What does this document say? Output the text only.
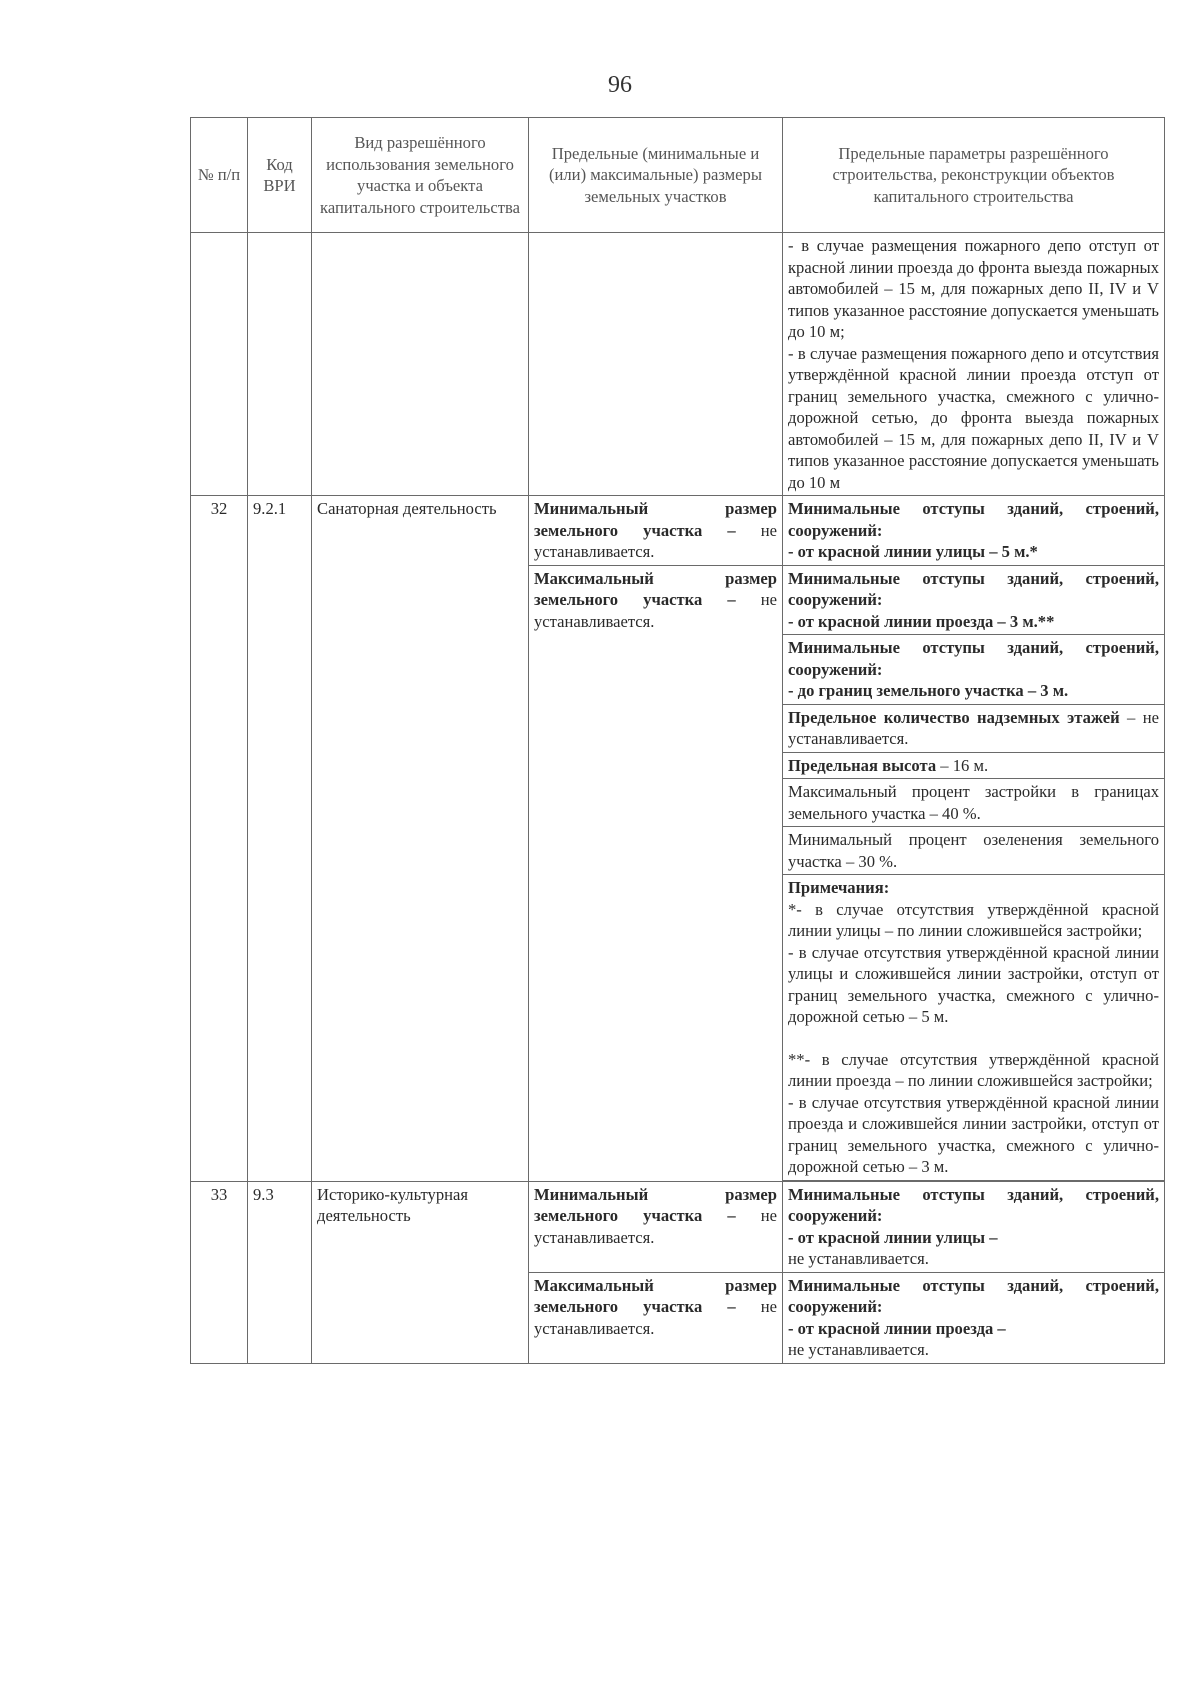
96
№ п/п	Код ВРИ	Вид разрешённого использования земельного участка и объекта капитального строительства	Предельные (минимальные и (или) максимальные) размеры земельных участков	Предельные параметры разрешённого строительства, реконструкции объектов капитального строительства
				- в случае размещения пожарного депо отступ от красной линии проезда до фронта выезда пожарных автомобилей – 15 м, для пожарных депо II, IV и V типов указанное расстояние допускается уменьшать до 10 м;
- в случае размещения пожарного депо и отсутствия утверждённой красной линии проезда отступ от границ земельного участка, смежного с улично-дорожной сетью, до фронта выезда пожарных автомобилей – 15 м, для пожарных депо II, IV и V типов указанное расстояние допускается уменьшать до 10 м
32	9.2.1	Санаторная деятельность	Минимальный размер земельного участка – не устанавливается.	Минимальные отступы зданий, строений, сооружений:
- от красной линии улицы – 5 м.*

			Максимальный размер земельного участка – не устанавливается.	Минимальные отступы зданий, строений, сооружений:
- от красной линии проезда – 3 м.**

				Минимальные отступы зданий, строений, сооружений:
- до границ земельного участка – 3 м.

				Предельное количество надземных этажей – не устанавливается.
				Предельная высота – 16 м.
				Максимальный процент застройки в границах земельного участка – 40 %.
				Минимальный процент озеленения земельного участка – 30 %.

				Примечания:
*- в случае отсутствия утверждённой красной линии улицы – по линии сложившейся застройки;
- в случае отсутствия утверждённой красной линии улицы и сложившейся линии застройки, отступ от границ земельного участка, смежного с улично-дорожной сетью – 5 м.
**- в случае отсутствия утверждённой красной линии проезда – по линии сложившейся застройки;
- в случае отсутствия утверждённой красной линии проезда и сложившейся линии застройки, отступ от границ земельного участка, смежного с улично-дорожной сетью – 3 м.

33	9.3	Историко-культурная деятельность	Минимальный размер земельного участка – не устанавливается.	Минимальные отступы зданий, строений, сооружений:
- от красной линии улицы –
не устанавливается.

			Максимальный размер земельного участка – не устанавливается.	Минимальные отступы зданий, строений, сооружений:
- от красной линии проезда –
не устанавливается.
